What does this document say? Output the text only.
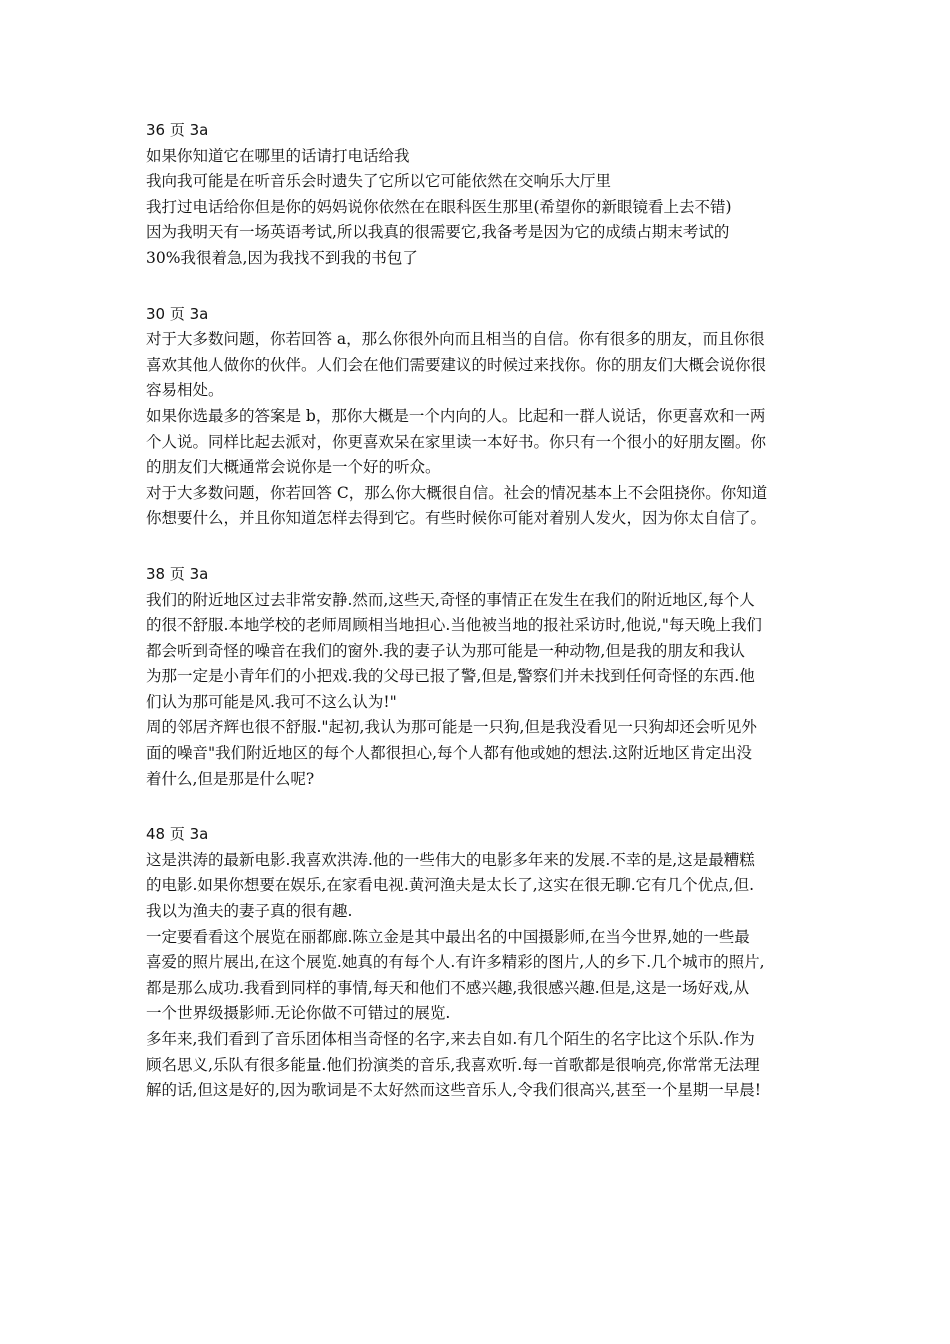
36 页 3a
如果你知道它在哪里的话请打电话给我
我向我可能是在听音乐会时遗失了它所以它可能依然在交响乐大厅里
我打过电话给你但是你的妈妈说你依然在在眼科医生那里(希望你的新眼镜看上去不错)
因为我明天有一场英语考试,所以我真的很需要它,我备考是因为它的成绩占期末考试的
30%我很着急,因为我找不到我的书包了
30 页 3a
对于大多数问题，你若回答 a，那么你很外向而且相当的自信。你有很多的朋友，而且你很
喜欢其他人做你的伙伴。人们会在他们需要建议的时候过来找你。你的朋友们大概会说你很
容易相处。
如果你选最多的答案是 b，那你大概是一个内向的人。比起和一群人说话，你更喜欢和一两
个人说。同样比起去派对，你更喜欢呆在家里读一本好书。你只有一个很小的好朋友圈。你
的朋友们大概通常会说你是一个好的听众。
对于大多数问题，你若回答 C，那么你大概很自信。社会的情况基本上不会阻挠你。你知道
你想要什么，并且你知道怎样去得到它。有些时候你可能对着别人发火，因为你太自信了。
38 页 3a
我们的附近地区过去非常安静.然而,这些天,奇怪的事情正在发生在我们的附近地区,每个人
的很不舒服.本地学校的老师周顾相当地担心.当他被当地的报社采访时,他说,"每天晚上我们
都会听到奇怪的噪音在我们的窗外.我的妻子认为那可能是一种动物,但是我的朋友和我认
为那一定是小青年们的小把戏.我的父母已报了警,但是,警察们并未找到任何奇怪的东西.他
们认为那可能是风.我可不这么认为!"
周的邻居齐辉也很不舒服."起初,我认为那可能是一只狗,但是我没看见一只狗却还会听见外
面的噪音"我们附近地区的每个人都很担心,每个人都有他或她的想法.这附近地区肯定出没
着什么,但是那是什么呢?
48 页 3a
这是洪涛的最新电影.我喜欢洪涛.他的一些伟大的电影多年来的发展.不幸的是,这是最糟糕
的电影.如果你想要在娱乐,在家看电视.黄河渔夫是太长了,这实在很无聊.它有几个优点,但.
我以为渔夫的妻子真的很有趣.
一定要看看这个展览在丽都廊.陈立金是其中最出名的中国摄影师,在当今世界,她的一些最
喜爱的照片展出,在这个展览.她真的有每个人.有许多精彩的图片,人的乡下.几个城市的照片,
都是那么成功.我看到同样的事情,每天和他们不感兴趣,我很感兴趣.但是,这是一场好戏,从
一个世界级摄影师.无论你做不可错过的展览.
多年来,我们看到了音乐团体相当奇怪的名字,来去自如.有几个陌生的名字比这个乐队.作为
顾名思义,乐队有很多能量.他们扮演类的音乐,我喜欢听.每一首歌都是很响亮,你常常无法理
解的话,但这是好的,因为歌词是不太好然而这些音乐人,令我们很高兴,甚至一个星期一早晨!
